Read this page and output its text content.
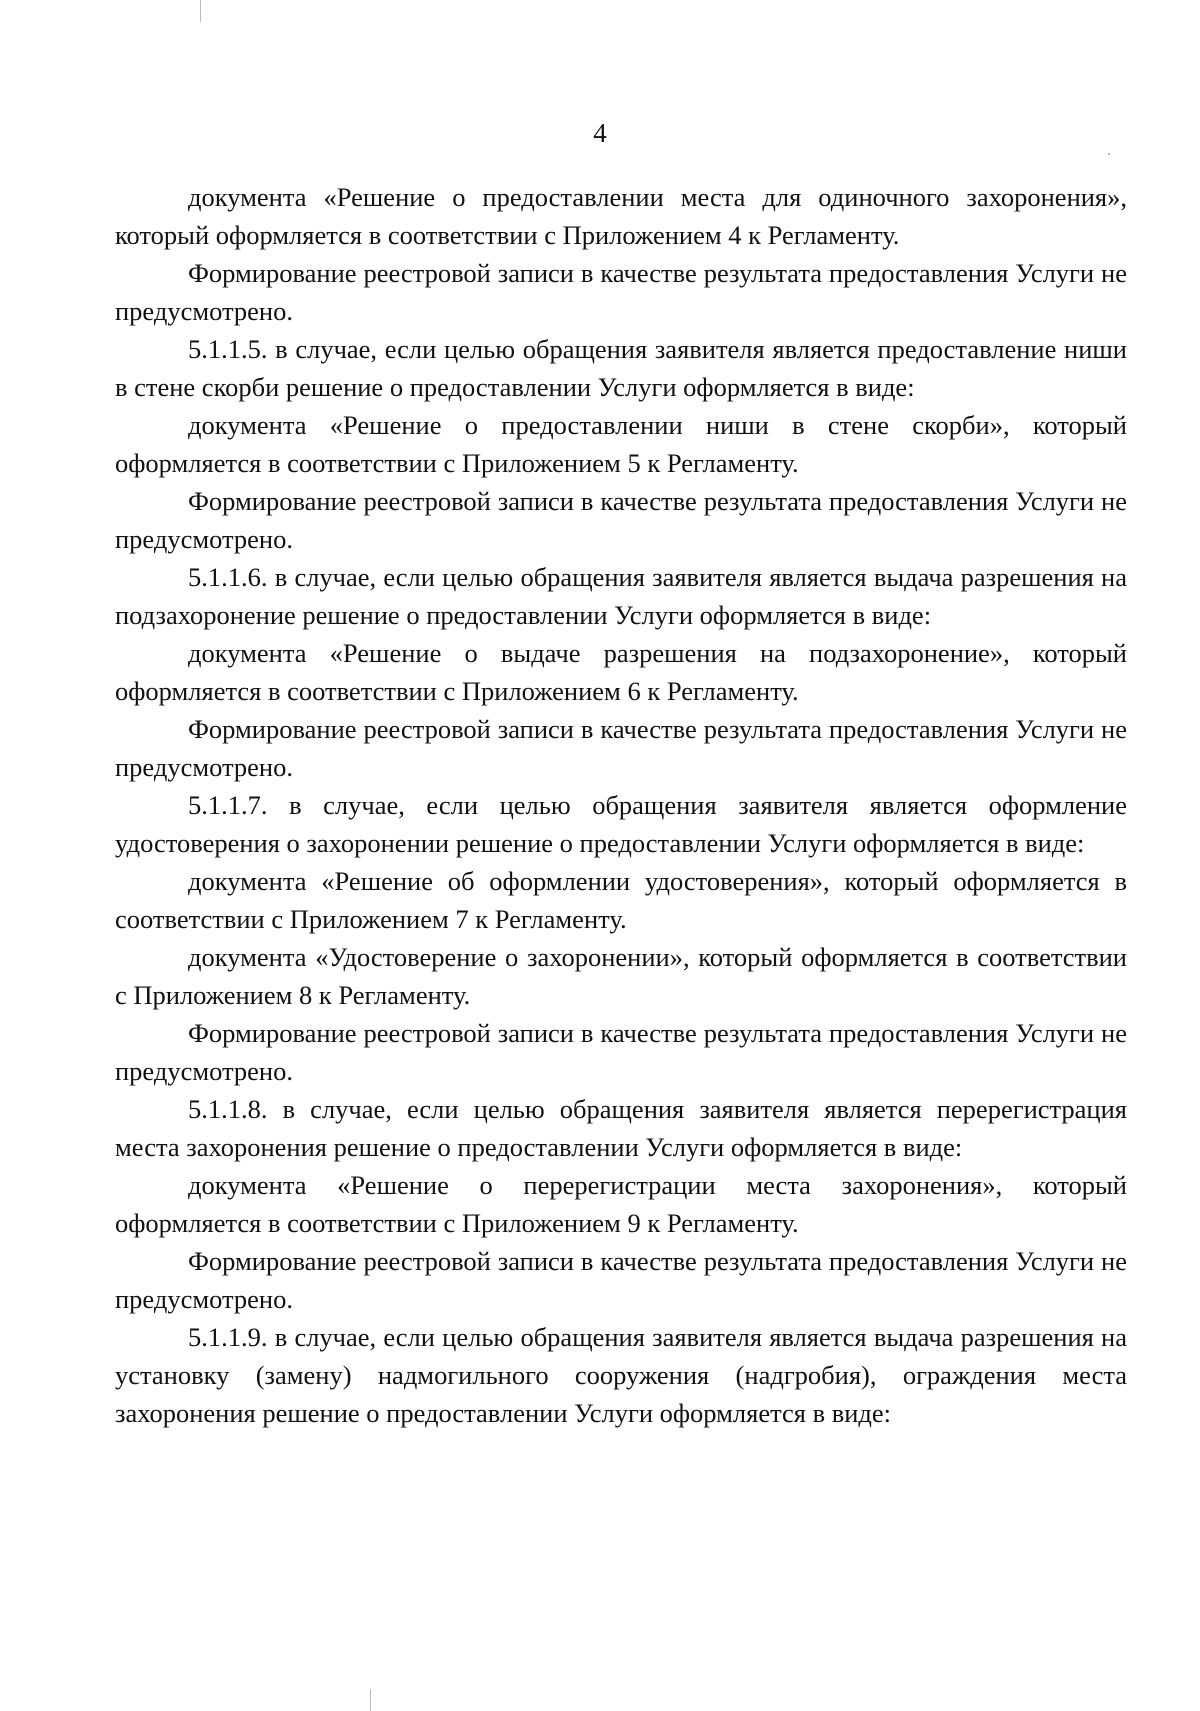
4

документа «Решение о предоставлении места для одиночного захоронения», который оформляется в соответствии с Приложением 4 к Регламенту.

Формирование реестровой записи в качестве результата предоставления Услуги не предусмотрено.

5.1.1.5. в случае, если целью обращения заявителя является предоставление ниши в стене скорби решение о предоставлении Услуги оформляется в виде:

документа «Решение о предоставлении ниши в стене скорби», который оформляется в соответствии с Приложением 5 к Регламенту.

Формирование реестровой записи в качестве результата предоставления Услуги не предусмотрено.

5.1.1.6. в случае, если целью обращения заявителя является выдача разрешения на подзахоронение решение о предоставлении Услуги оформляется в виде:

документа «Решение о выдаче разрешения на подзахоронение», который оформляется в соответствии с Приложением 6 к Регламенту.

Формирование реестровой записи в качестве результата предоставления Услуги не предусмотрено.

5.1.1.7. в случае, если целью обращения заявителя является оформление удостоверения о захоронении решение о предоставлении Услуги оформляется в виде:

документа «Решение об оформлении удостоверения», который оформляется в соответствии с Приложением 7 к Регламенту.

документа «Удостоверение о захоронении», который оформляется в соответствии с Приложением 8 к Регламенту.

Формирование реестровой записи в качестве результата предоставления Услуги не предусмотрено.

5.1.1.8. в случае, если целью обращения заявителя является перерегистрация места захоронения решение о предоставлении Услуги оформляется в виде:

документа «Решение о перерегистрации места захоронения», который оформляется в соответствии с Приложением 9 к Регламенту.

Формирование реестровой записи в качестве результата предоставления Услуги не предусмотрено.

5.1.1.9. в случае, если целью обращения заявителя является выдача разрешения на установку (замену) надмогильного сооружения (надгробия), ограждения места захоронения решение о предоставлении Услуги оформляется в виде:
